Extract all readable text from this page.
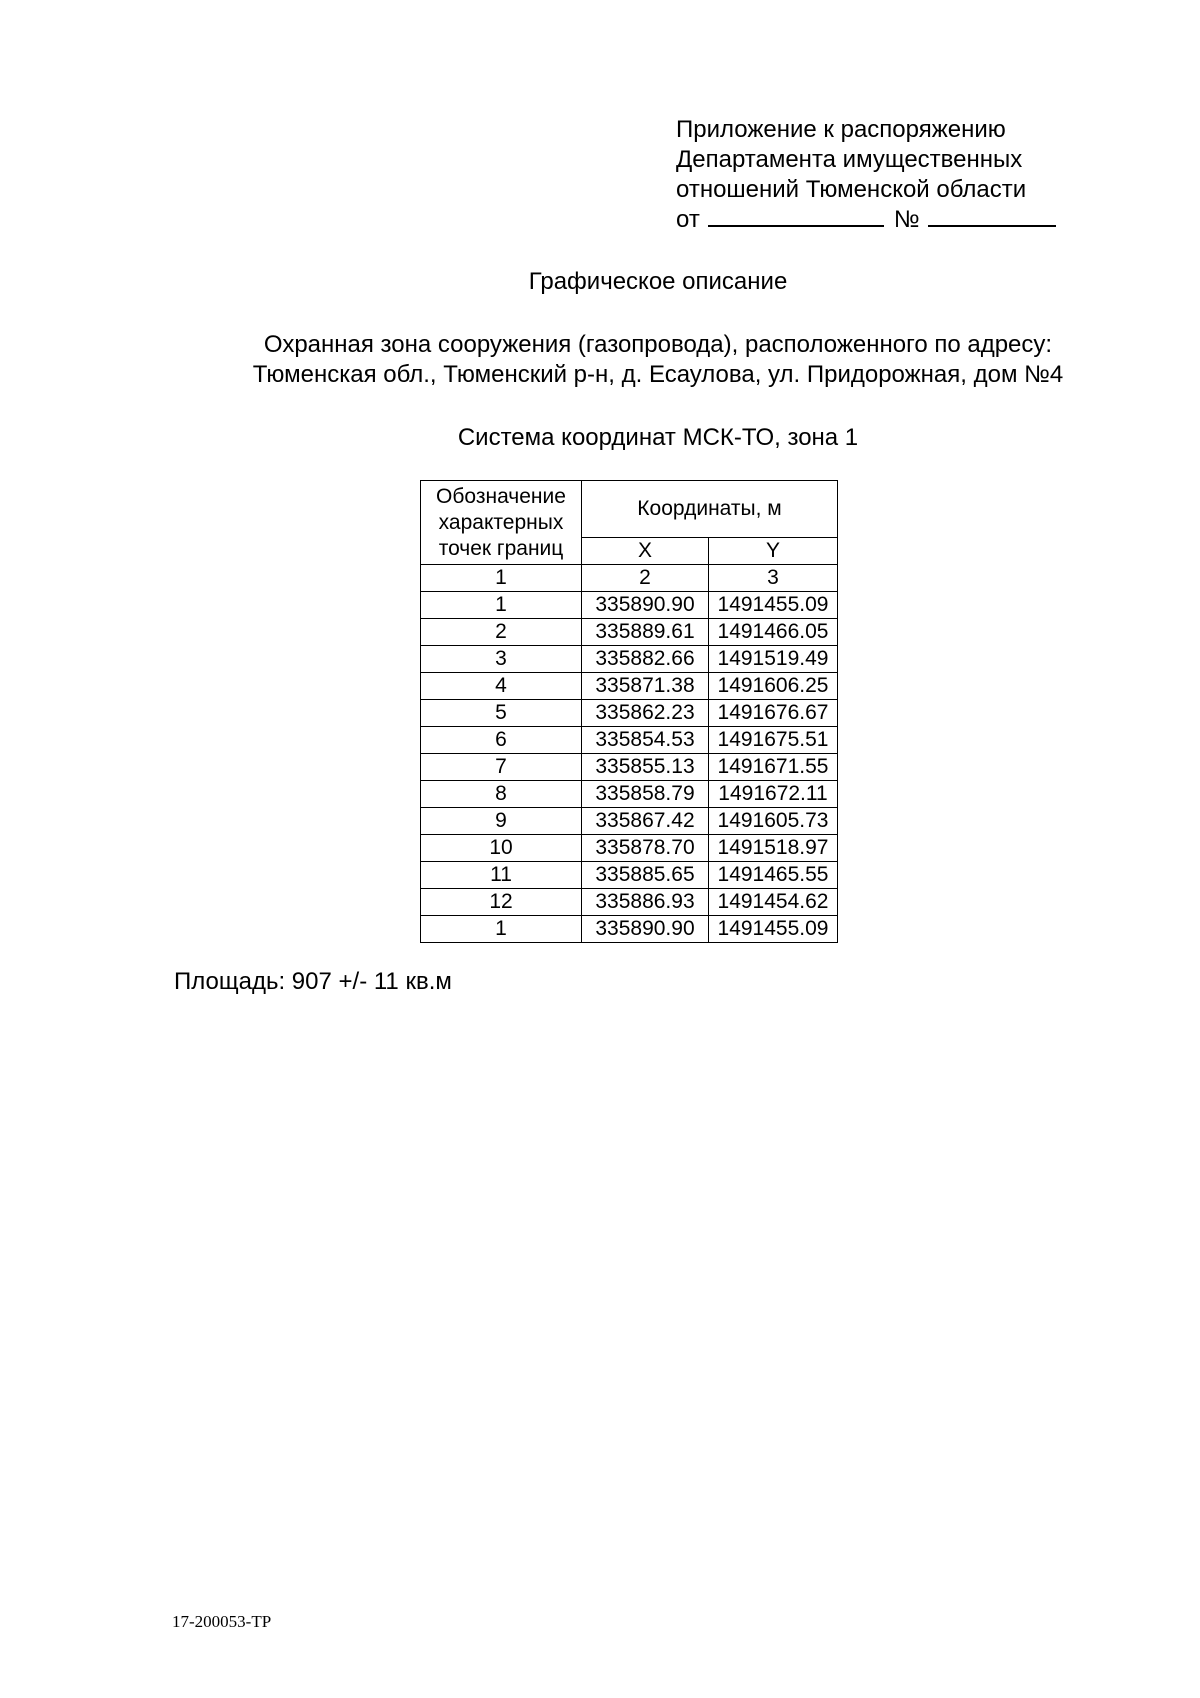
Приложение к распоряжению
Департамента имущественных
отношений Тюменской области
от	№
Графическое описание
Охранная зона сооружения (газопровода), расположенного по адресу:
Тюменская обл., Тюменский р-н, д. Есаулова, ул. Придорожная, дом №4
Система координат МСК-ТО, зона 1
Обозначение
характерных
точек границ	Координаты, м	
	X	Y
1	2	3
1	335890.90	1491455.09
2	335889.61	1491466.05
3	335882.66	1491519.49
4	335871.38	1491606.25
5	335862.23	1491676.67
6	335854.53	1491675.51
7	335855.13	1491671.55
8	335858.79	1491672.11
9	335867.42	1491605.73
10	335878.70	1491518.97
11	335885.65	1491465.55
12	335886.93	1491454.62
1	335890.90	1491455.09
Площадь: 907 +/- 11 кв.м
17-200053-ТР
